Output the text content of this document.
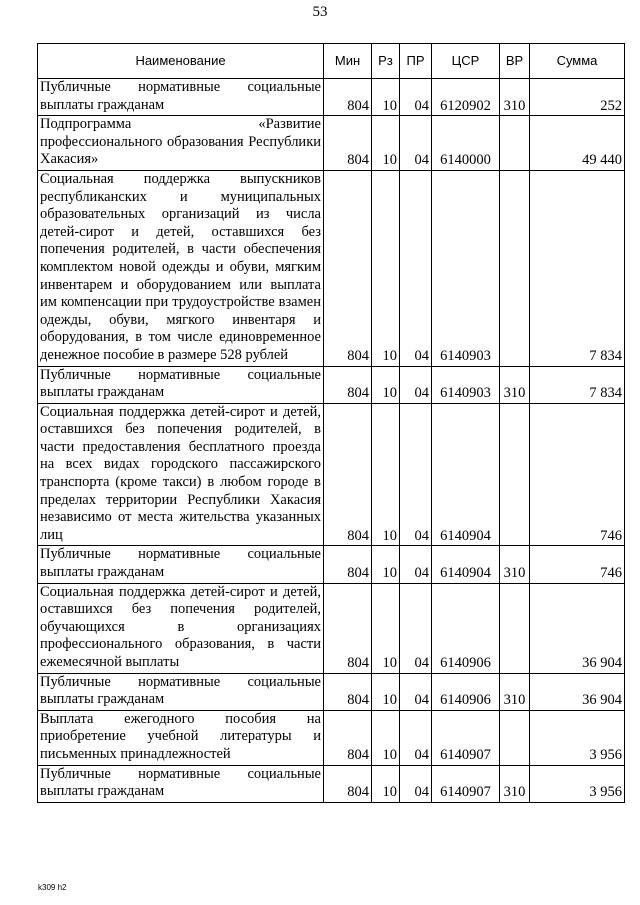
53
Наименование	Мин	Рз	ПР	ЦСР	ВР	Сумма
Публичные нормативные социальные выплаты гражданам	804	10	04	6120902	310	252
Подпрограмма «Развитие профессионального образования Республики Хакасия»	804	10	04	6140000		49 440
Социальная поддержка выпускников республиканских и муниципальных образовательных организаций из числа детей-сирот и детей, оставшихся без попечения родителей, в части обеспечения комплектом новой одежды и обуви, мягким инвентарем и оборудованием или выплата им компенсации при трудоустройстве взамен одежды, обуви, мягкого инвентаря и оборудования, в том числе единовременное денежное пособие в размере 528 рублей	804	10	04	6140903		7 834
Публичные нормативные социальные выплаты гражданам	804	10	04	6140903	310	7 834
Социальная поддержка детей-сирот и детей, оставшихся без попечения родителей, в части предоставления бесплатного проезда на всех видах городского пассажирского транспорта (кроме такси) в любом городе в пределах территории Республики Хакасия независимо от места жительства указанных лиц	804	10	04	6140904		746
Публичные нормативные социальные выплаты гражданам	804	10	04	6140904	310	746
Социальная поддержка детей-сирот и детей, оставшихся без попечения родителей, обучающихся в организациях профессионального образования, в части ежемесячной выплаты	804	10	04	6140906		36 904
Публичные нормативные социальные выплаты гражданам	804	10	04	6140906	310	36 904
Выплата ежегодного пособия на приобретение учебной литературы и письменных принадлежностей	804	10	04	6140907		3 956
Публичные нормативные социальные выплаты гражданам	804	10	04	6140907	310	3 956
k309 h2
